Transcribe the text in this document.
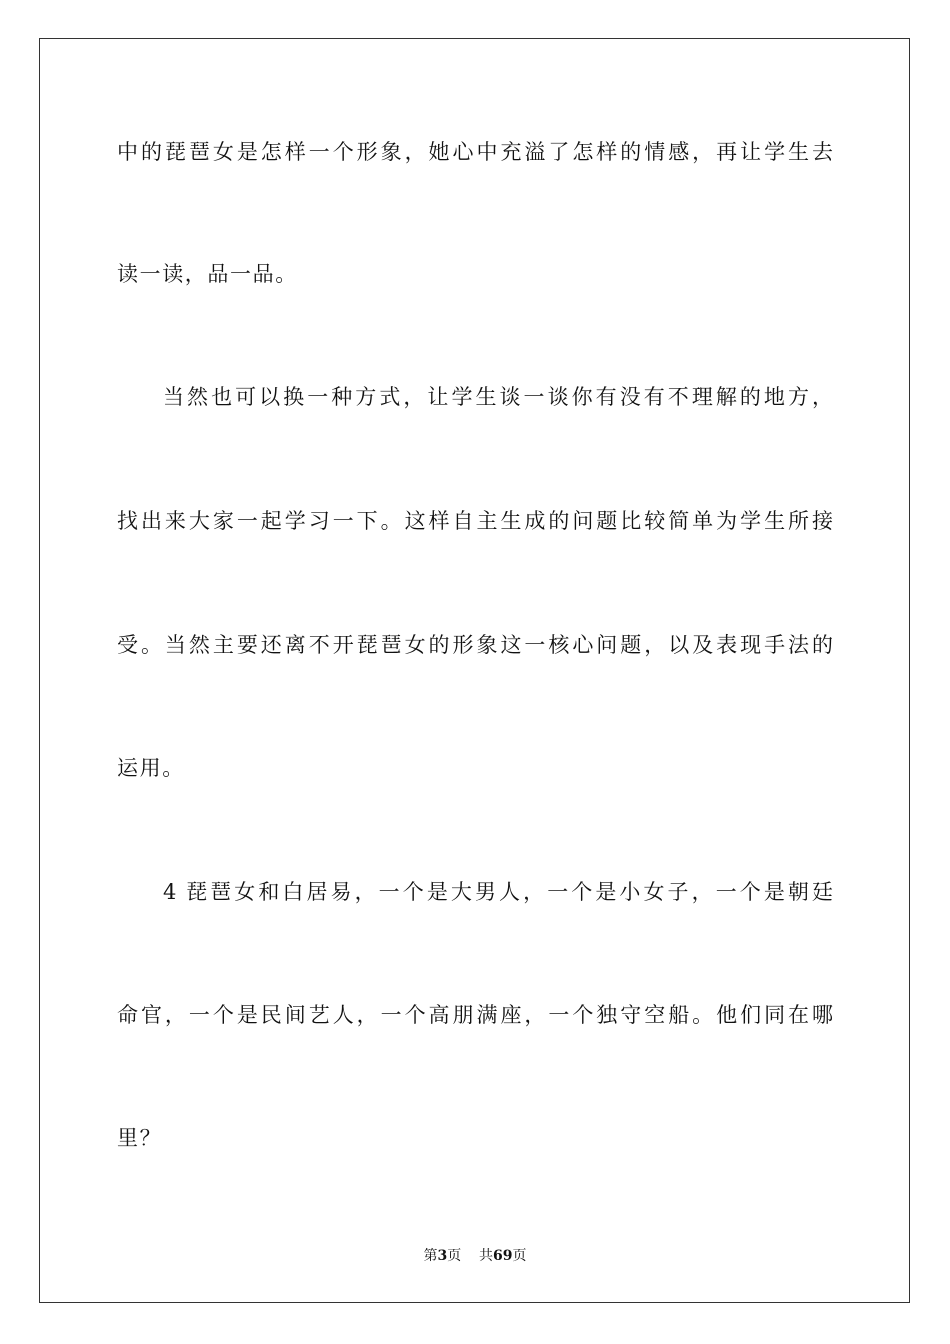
中的琵琶女是怎样一个形象，她心中充溢了怎样的情感，再让学生去
读一读，品一品。
当然也可以换一种方式，让学生谈一谈你有没有不理解的地方，
找出来大家一起学习一下。这样自主生成的问题比较简单为学生所接
受。当然主要还离不开琵琶女的形象这一核心问题，以及表现手法的
运用。
4 琵琶女和白居易，一个是大男人，一个是小女子，一个是朝廷
命官，一个是民间艺人，一个高朋满座，一个独守空船。他们同在哪
里？
第3页 共69页
